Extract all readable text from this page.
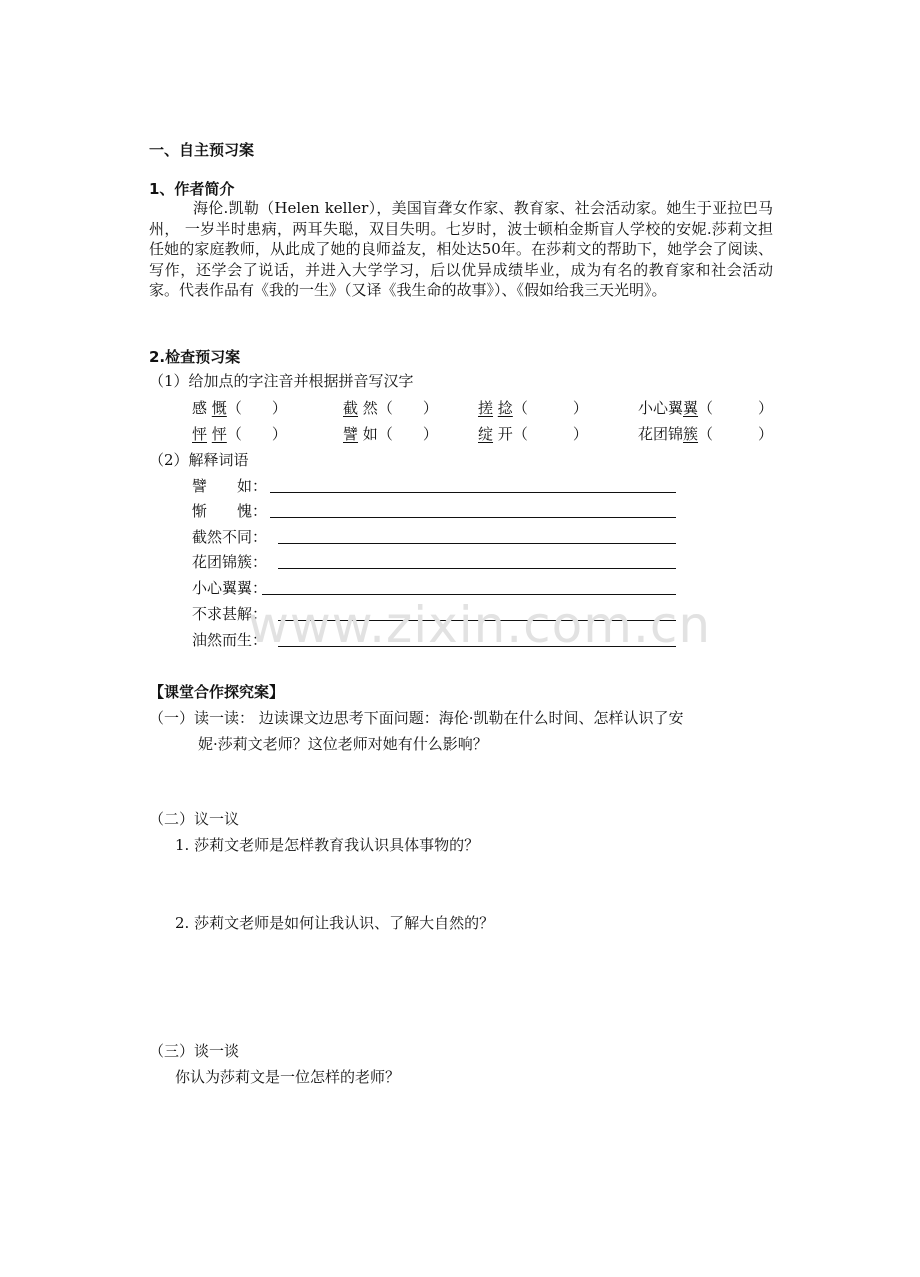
一、自主预习案
1、作者简介
海伦.凯勒（Helen keller），美国盲聋女作家、教育家、社会活动家。她生于亚拉巴马州， 一岁半时患病，两耳失聪，双目失明。七岁时，波士顿柏金斯盲人学校的安妮.莎莉文担任她的家庭教师，从此成了她的良师益友，相处达50年。在莎莉文的帮助下，她学会了阅读、写作，还学会了说话，并进入大学学习，后以优异成绩毕业，成为有名的教育家和社会活动家。代表作品有《我的一生》（又译《我生命的故事》）、《假如给我三天光明》。
2.检查预习案
（1）给加点的字注音并根据拼音写汉字
感 慨（　　）	截 然（　　）	搓 捻（　　　）	小心翼翼（　　　）
怦 怦（　　）	譬 如（　　）	绽 开（　　　）	花团锦簇（　　　）
（2）解释词语
譬　　如：
惭　　愧：
截然不同：
花团锦簇：
小心翼翼：
不求甚解：
油然而生：
www.zixin.com.cn
【课堂合作探究案】
（一）读一读： 边读课文边思考下面问题：海伦·凯勒在什么时间、怎样认识了安
妮·莎莉文老师？这位老师对她有什么影响？
（二）议一议
1. 莎莉文老师是怎样教育我认识具体事物的？
2. 莎莉文老师是如何让我认识、了解大自然的？
（三）谈一谈
你认为莎莉文是一位怎样的老师？
